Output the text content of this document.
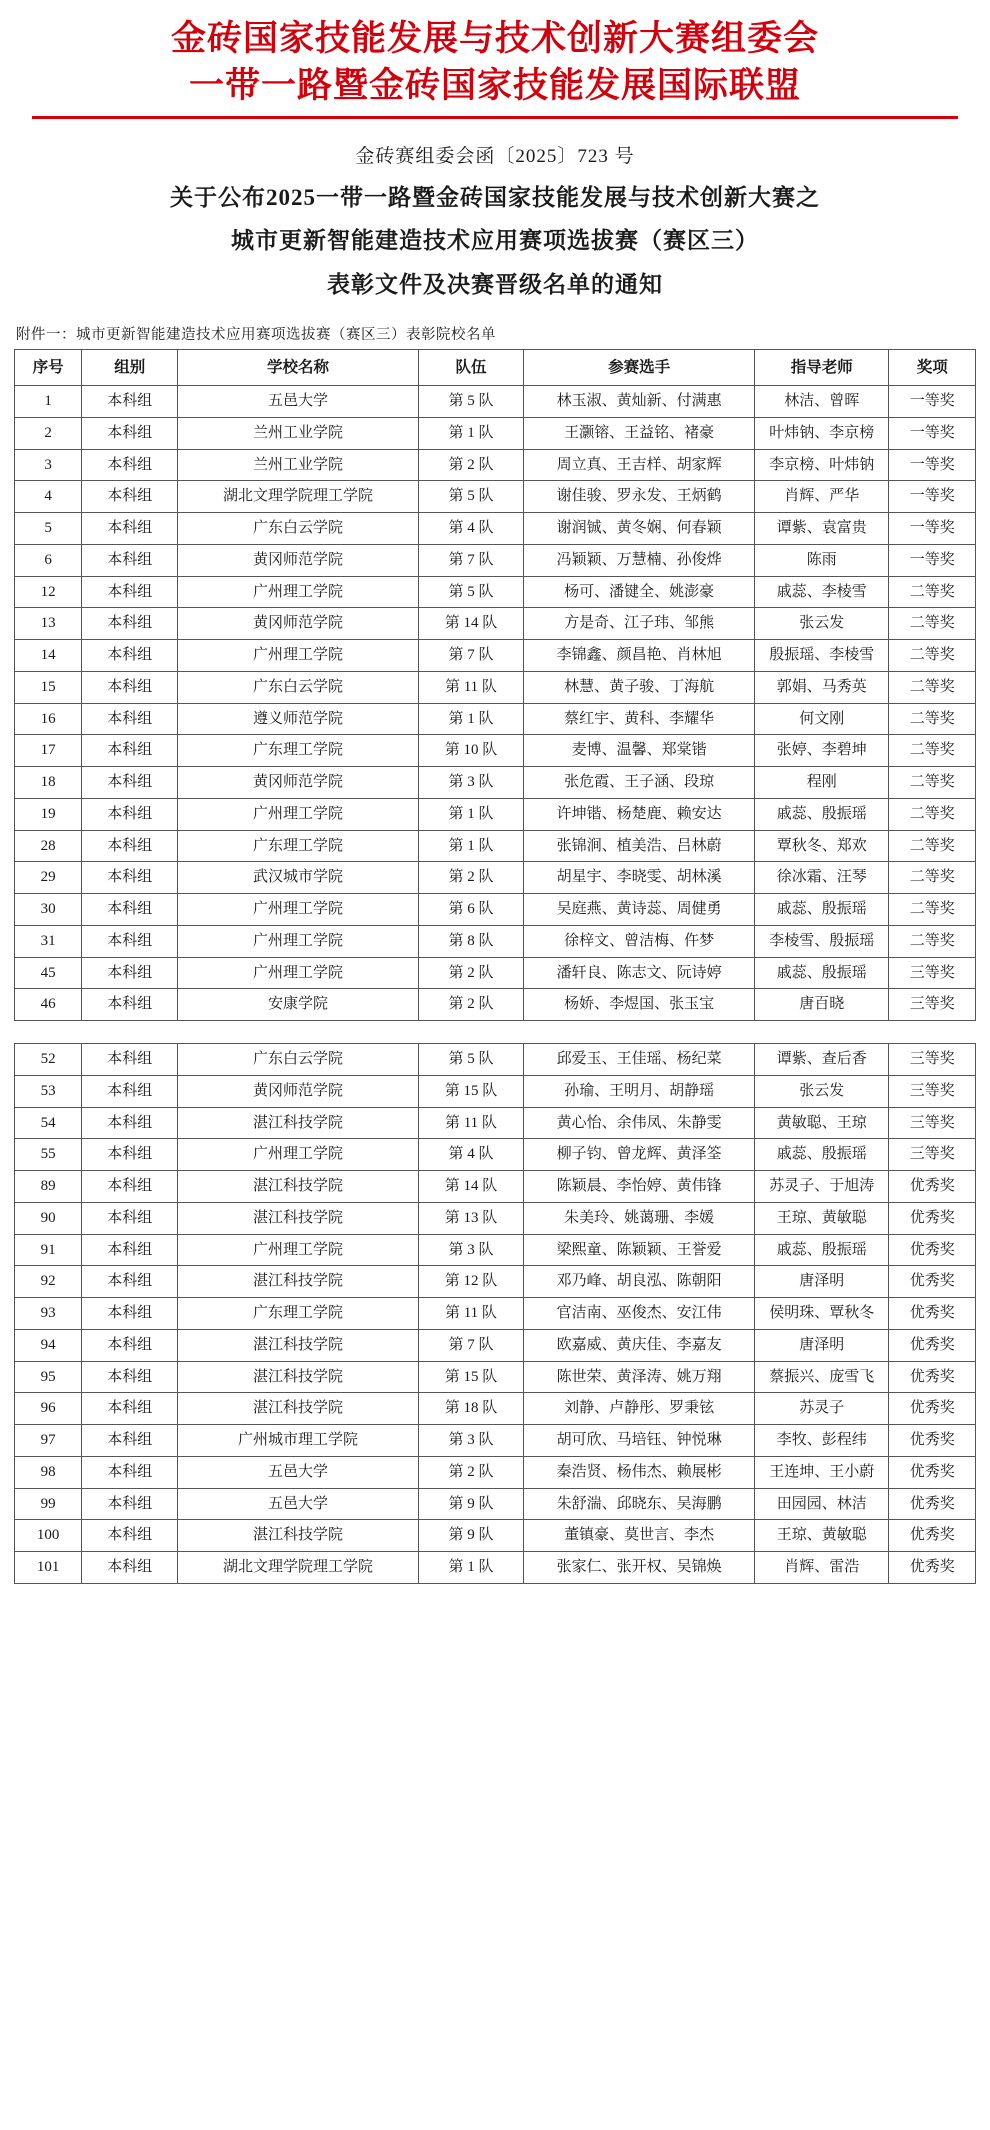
金砖国家技能发展与技术创新大赛组委会
一带一路暨金砖国家技能发展国际联盟
金砖赛组委会函〔2025〕723 号
关于公布2025一带一路暨金砖国家技能发展与技术创新大赛之
城市更新智能建造技术应用赛项选拔赛（赛区三）
表彰文件及决赛晋级名单的通知
附件一：城市更新智能建造技术应用赛项选拔赛（赛区三）表彰院校名单
序号	组别	学校名称	队伍	参赛选手	指导老师	奖项
1	本科组	五邑大学	第 5 队	林玉淑、黄灿新、付满惠	林洁、曾晖	一等奖
2	本科组	兰州工业学院	第 1 队	王灏镕、王益铭、褚豪	叶炜钠、李京榜	一等奖
3	本科组	兰州工业学院	第 2 队	周立真、王吉样、胡家辉	李京榜、叶炜钠	一等奖
4	本科组	湖北文理学院理工学院	第 5 队	谢佳骏、罗永发、王炳鹤	肖辉、严华	一等奖
5	本科组	广东白云学院	第 4 队	谢润铖、黄冬娴、何春颖	谭紫、袁富贵	一等奖
6	本科组	黄冈师范学院	第 7 队	冯颖颖、万慧楠、孙俊烨	陈雨	一等奖
12	本科组	广州理工学院	第 5 队	杨可、潘键全、姚澎豪	戚蕊、李棱雪	二等奖
13	本科组	黄冈师范学院	第 14 队	方是奇、江子玮、邹熊	张云发	二等奖
14	本科组	广州理工学院	第 7 队	李锦鑫、颜昌艳、肖林旭	殷振瑶、李棱雪	二等奖
15	本科组	广东白云学院	第 11 队	林慧、黄子骏、丁海航	郭娟、马秀英	二等奖
16	本科组	遵义师范学院	第 1 队	蔡红宇、黄科、李耀华	何文刚	二等奖
17	本科组	广东理工学院	第 10 队	麦博、温馨、郑棠锴	张婷、李碧坤	二等奖
18	本科组	黄冈师范学院	第 3 队	张危霞、王子涵、段琼	程刚	二等奖
19	本科组	广州理工学院	第 1 队	许坤锴、杨楚鹿、赖安达	戚蕊、殷振瑶	二等奖
28	本科组	广东理工学院	第 1 队	张锦涧、植美浩、吕林蔚	覃秋冬、郑欢	二等奖
29	本科组	武汉城市学院	第 2 队	胡星宇、李晓雯、胡林溪	徐冰霜、汪琴	二等奖
30	本科组	广州理工学院	第 6 队	吴庭燕、黄诗蕊、周健勇	戚蕊、殷振瑶	二等奖
31	本科组	广州理工学院	第 8 队	徐梓文、曾洁梅、仵梦	李棱雪、殷振瑶	二等奖
45	本科组	广州理工学院	第 2 队	潘轩良、陈志文、阮诗婷	戚蕊、殷振瑶	三等奖
46	本科组	安康学院	第 2 队	杨娇、李煜国、张玉宝	唐百晓	三等奖
52	本科组	广东白云学院	第 5 队	邱爱玉、王佳瑶、杨纪菜	谭紫、查后香	三等奖
53	本科组	黄冈师范学院	第 15 队	孙瑜、王明月、胡静瑶	张云发	三等奖
54	本科组	湛江科技学院	第 11 队	黄心怡、余伟凤、朱静雯	黄敏聪、王琼	三等奖
55	本科组	广州理工学院	第 4 队	柳子钧、曾龙辉、黄泽筌	戚蕊、殷振瑶	三等奖
89	本科组	湛江科技学院	第 14 队	陈颖晨、李怡婷、黄伟锋	苏灵子、于旭涛	优秀奖
90	本科组	湛江科技学院	第 13 队	朱美玲、姚蔼珊、李媛	王琼、黄敏聪	优秀奖
91	本科组	广州理工学院	第 3 队	梁熙童、陈颖颖、王誉爱	戚蕊、殷振瑶	优秀奖
92	本科组	湛江科技学院	第 12 队	邓乃峰、胡良泓、陈朝阳	唐泽明	优秀奖
93	本科组	广东理工学院	第 11 队	官洁南、巫俊杰、安江伟	侯明珠、覃秋冬	优秀奖
94	本科组	湛江科技学院	第 7 队	欧嘉威、黄庆佳、李嘉友	唐泽明	优秀奖
95	本科组	湛江科技学院	第 15 队	陈世荣、黄泽涛、姚万翔	蔡振兴、庞雪飞	优秀奖
96	本科组	湛江科技学院	第 18 队	刘静、卢静彤、罗秉铉	苏灵子	优秀奖
97	本科组	广州城市理工学院	第 3 队	胡可欣、马培钰、钟悦琳	李牧、彭程纬	优秀奖
98	本科组	五邑大学	第 2 队	秦浩贤、杨伟杰、赖展彬	王连坤、王小蔚	优秀奖
99	本科组	五邑大学	第 9 队	朱舒湍、邱晓东、吴海鹏	田园园、林洁	优秀奖
100	本科组	湛江科技学院	第 9 队	董镇豪、莫世言、李杰	王琼、黄敏聪	优秀奖
101	本科组	湖北文理学院理工学院	第 1 队	张家仁、张开权、吴锦焕	肖辉、雷浩	优秀奖
